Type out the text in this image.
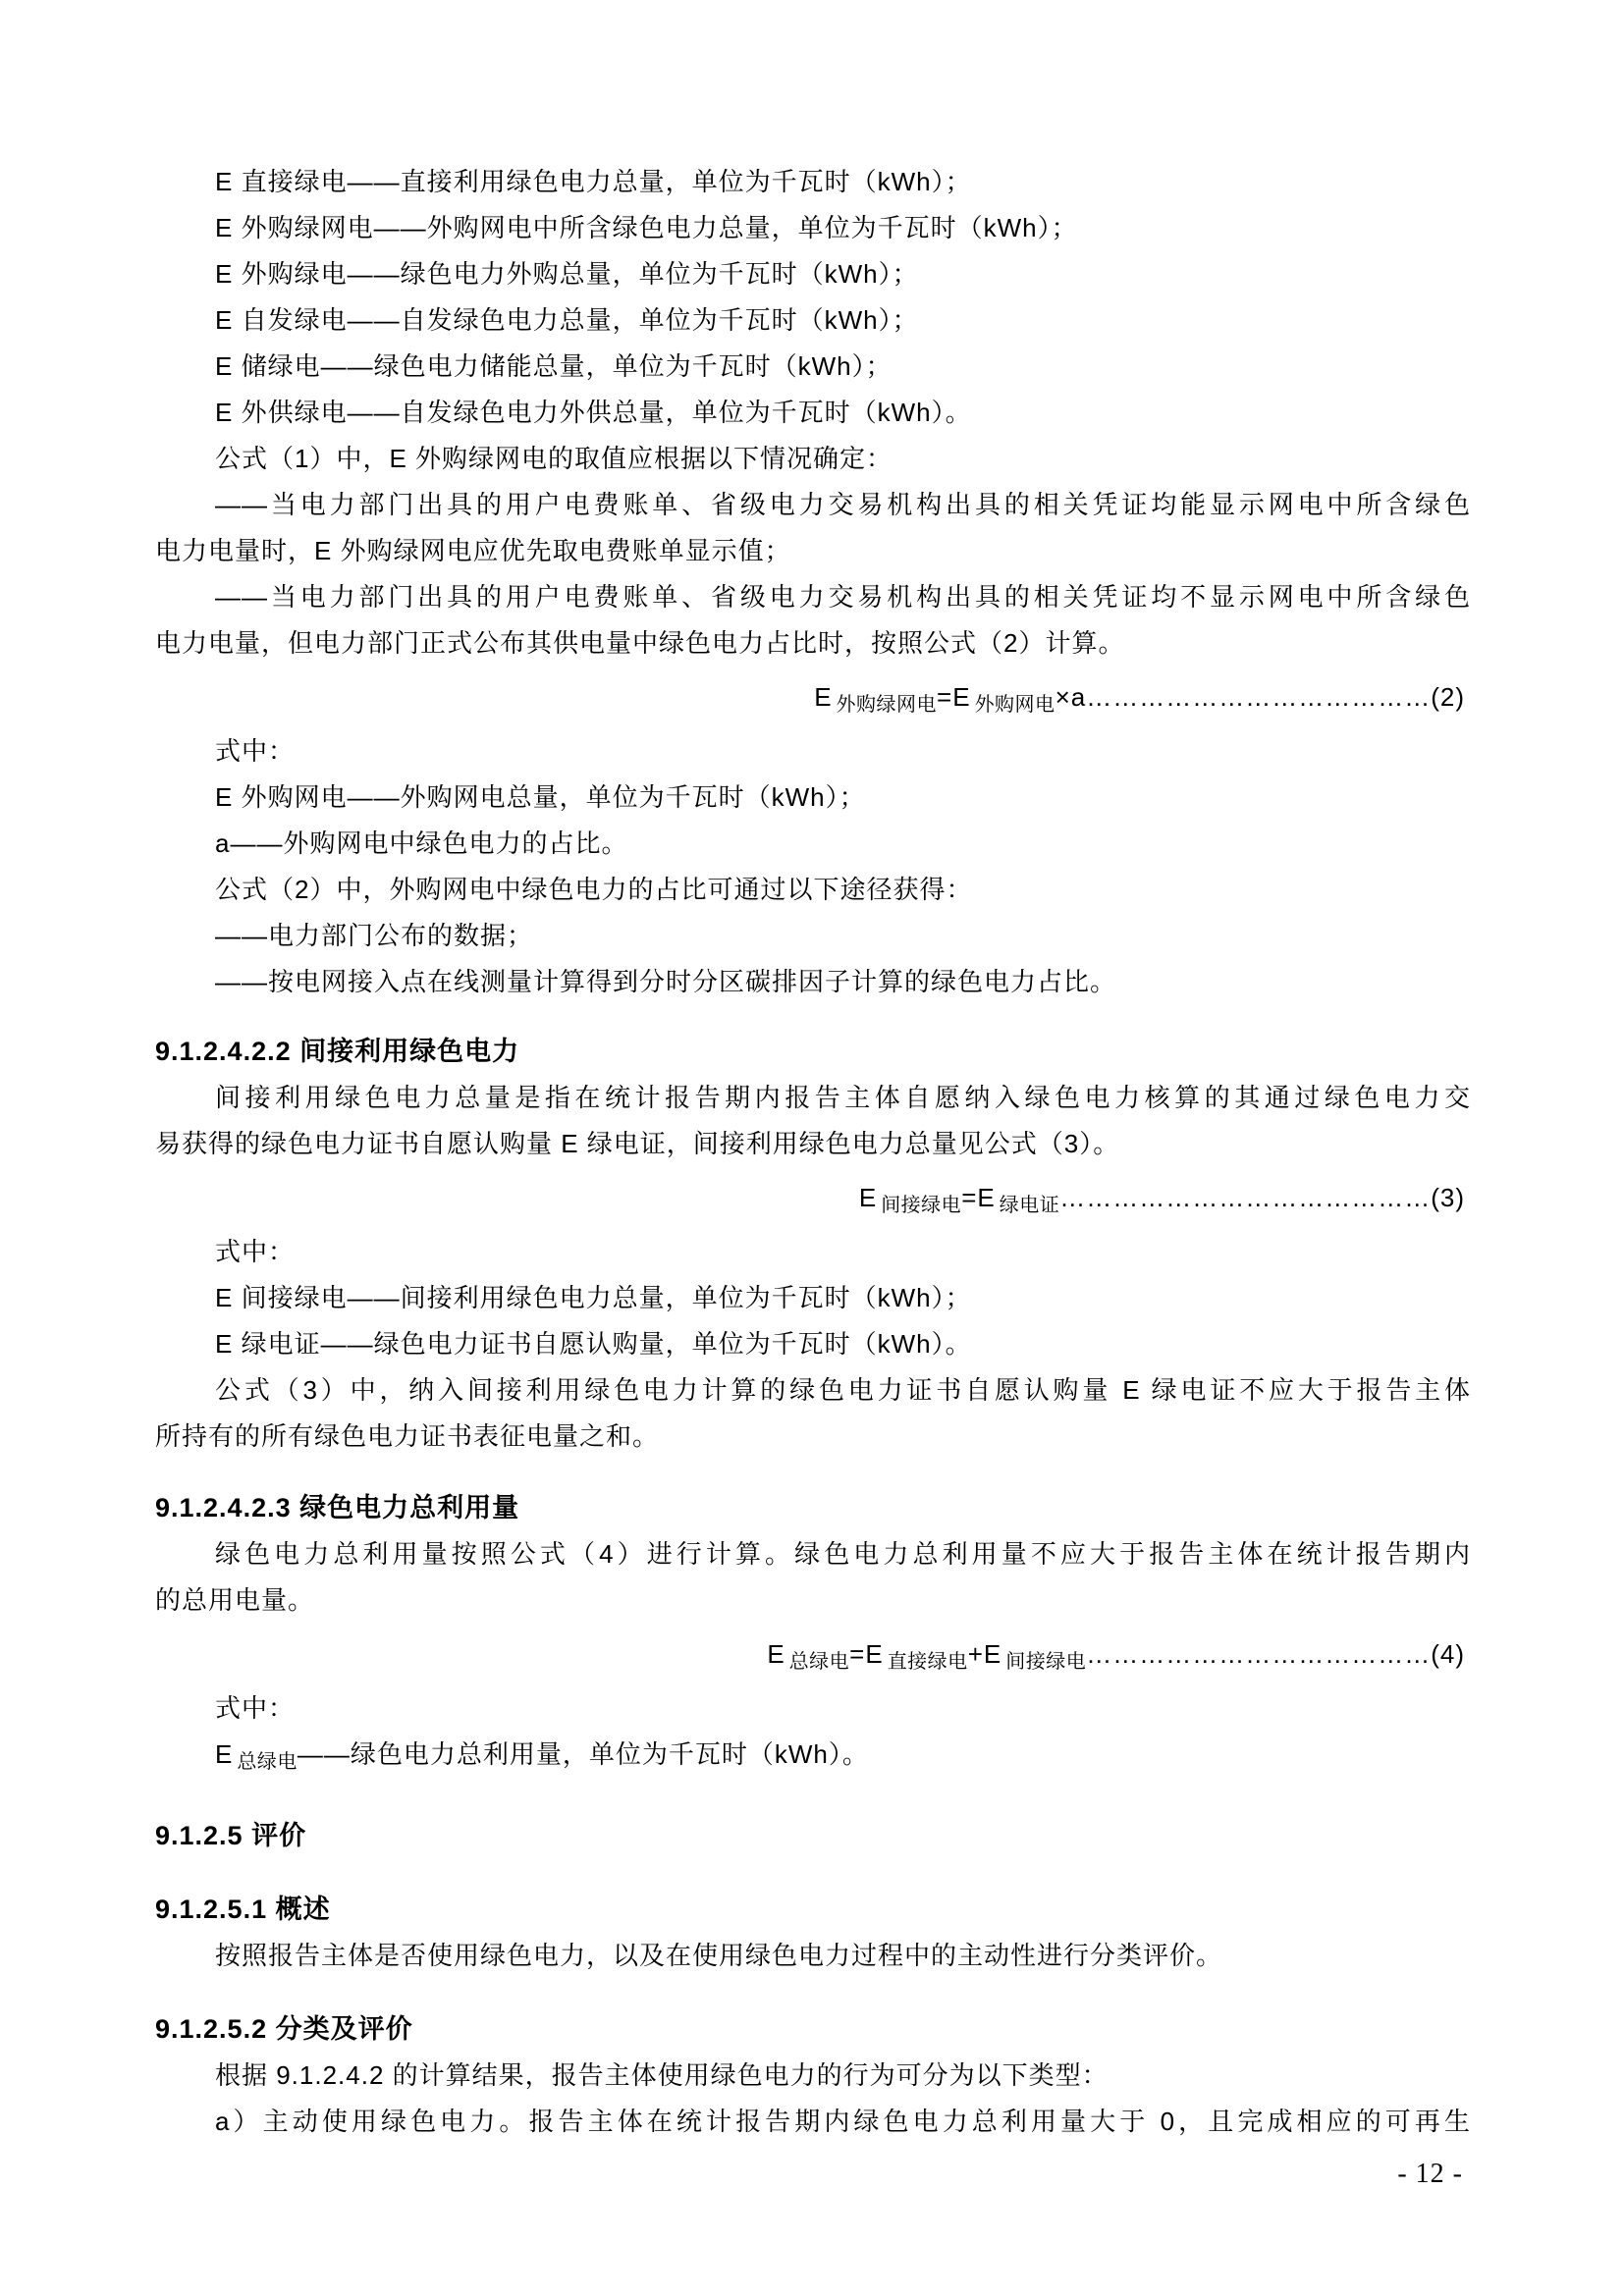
E 直接绿电——直接利用绿色电力总量，单位为千瓦时（kWh）；
E 外购绿网电——外购网电中所含绿色电力总量，单位为千瓦时（kWh）；
E 外购绿电——绿色电力外购总量，单位为千瓦时（kWh）；
E 自发绿电——自发绿色电力总量，单位为千瓦时（kWh）；
E 储绿电——绿色电力储能总量，单位为千瓦时（kWh）；
E 外供绿电——自发绿色电力外供总量，单位为千瓦时（kWh）。
公式（1）中，E 外购绿网电的取值应根据以下情况确定：
——当电力部门出具的用户电费账单、省级电力交易机构出具的相关凭证均能显示网电中所含绿色
电力电量时，E 外购绿网电应优先取电费账单显示值；
——当电力部门出具的用户电费账单、省级电力交易机构出具的相关凭证均不显示网电中所含绿色
电力电量，但电力部门正式公布其供电量中绿色电力占比时，按照公式（2）计算。
E $_{外购绿网电}$=E $_{外购网电}$×a…………………………………(2)
式中：
E 外购网电——外购网电总量，单位为千瓦时（kWh）；
a——外购网电中绿色电力的占比。
公式（2）中，外购网电中绿色电力的占比可通过以下途径获得：
——电力部门公布的数据；
——按电网接入点在线测量计算得到分时分区碳排因子计算的绿色电力占比。
9.1.2.4.2.2 间接利用绿色电力
间接利用绿色电力总量是指在统计报告期内报告主体自愿纳入绿色电力核算的其通过绿色电力交
易获得的绿色电力证书自愿认购量 E 绿电证，间接利用绿色电力总量见公式（3）。
E $_{间接绿电}$=E $_{绿电证}$……………………………………(3)
式中：
E 间接绿电——间接利用绿色电力总量，单位为千瓦时（kWh）；
E 绿电证——绿色电力证书自愿认购量，单位为千瓦时（kWh）。
公式（3）中，纳入间接利用绿色电力计算的绿色电力证书自愿认购量 E 绿电证不应大于报告主体
所持有的所有绿色电力证书表征电量之和。
9.1.2.4.2.3 绿色电力总利用量
绿色电力总利用量按照公式（4）进行计算。绿色电力总利用量不应大于报告主体在统计报告期内
的总用电量。
E $_{总绿电}$=E $_{直接绿电}$+E $_{间接绿电}$…………………………………(4)
式中：
E $_{总绿电}$——绿色电力总利用量，单位为千瓦时（kWh）。
9.1.2.5 评价
9.1.2.5.1 概述
按照报告主体是否使用绿色电力，以及在使用绿色电力过程中的主动性进行分类评价。
9.1.2.5.2 分类及评价
根据 9.1.2.4.2 的计算结果，报告主体使用绿色电力的行为可分为以下类型：
a）主动使用绿色电力。报告主体在统计报告期内绿色电力总利用量大于 0，且完成相应的可再生
- 12 -
